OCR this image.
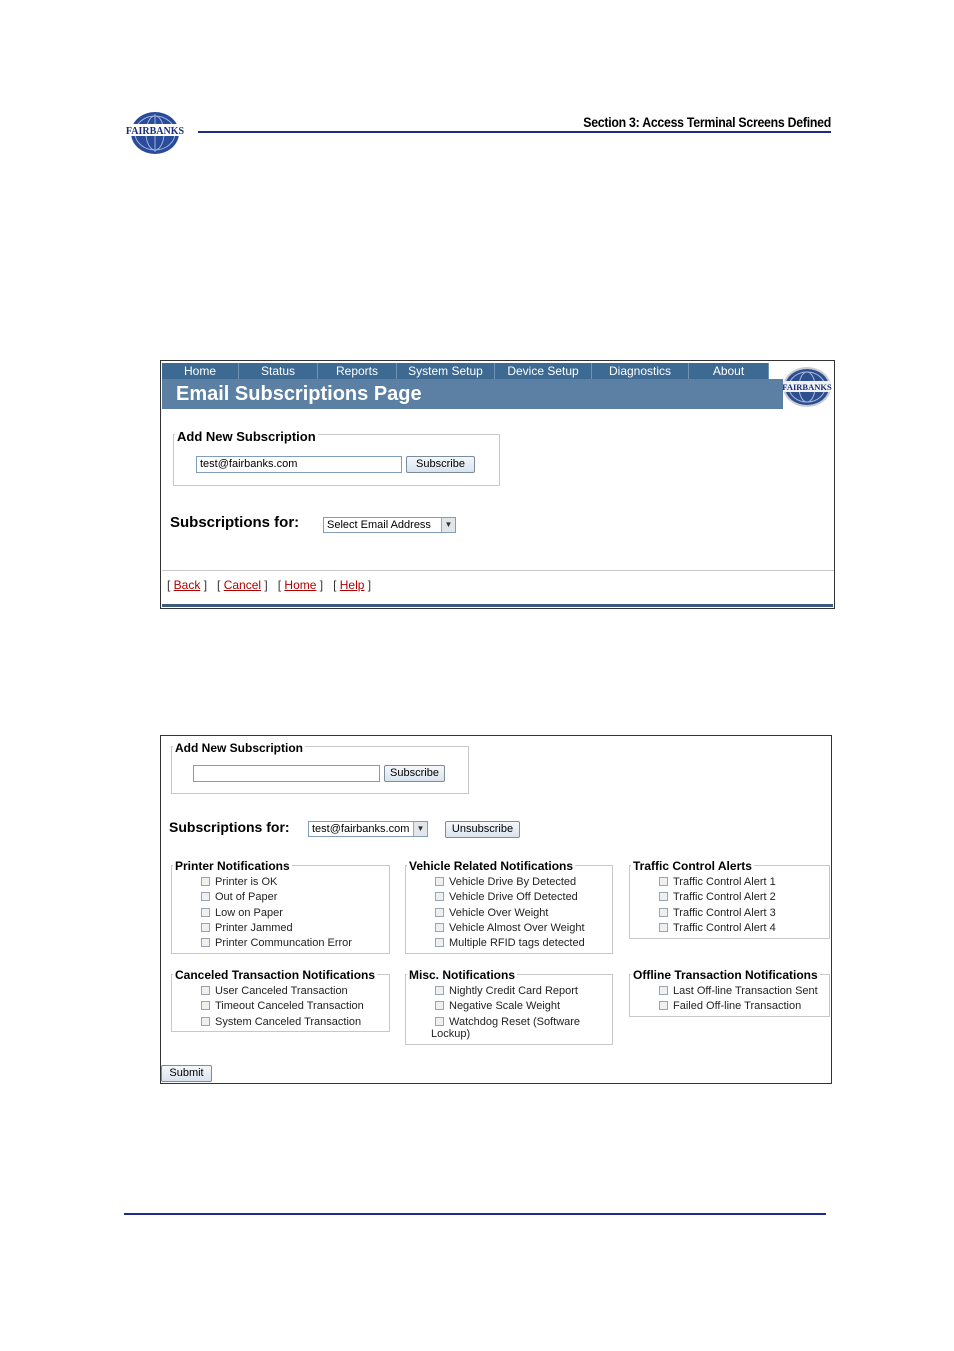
FAIRBANKS
Section 3: Access Terminal Screens Defined
Home	Status	Reports	System Setup	Device Setup	Diagnostics	About
Email Subscriptions Page	FAIRBANKS
Add New Subscription
test@fairbanks.com	Subscribe
Subscriptions for:	Select Email Address	▼
[ Back ]   [ Cancel ]   [ Home ]   [ Help ]
Add New Subscription
Subscribe
Subscriptions for:	test@fairbanks.com ▼	Unsubscribe
Printer Notifications
Printer is OK
Out of Paper
Low on Paper
Printer Jammed
Printer Communcation Error
Vehicle Related Notifications
Vehicle Drive By Detected
Vehicle Drive Off Detected
Vehicle Over Weight
Vehicle Almost Over Weight
Multiple RFID tags detected
Traffic Control Alerts
Traffic Control Alert 1
Traffic Control Alert 2
Traffic Control Alert 3
Traffic Control Alert 4
Canceled Transaction Notifications
User Canceled Transaction
Timeout Canceled Transaction
System Canceled Transaction
Misc. Notifications
Nightly Credit Card Report
Negative Scale Weight
Watchdog Reset (Software
Lockup)
Offline Transaction Notifications
Last Off-line Transaction Sent
Failed Off-line Transaction
Submit
